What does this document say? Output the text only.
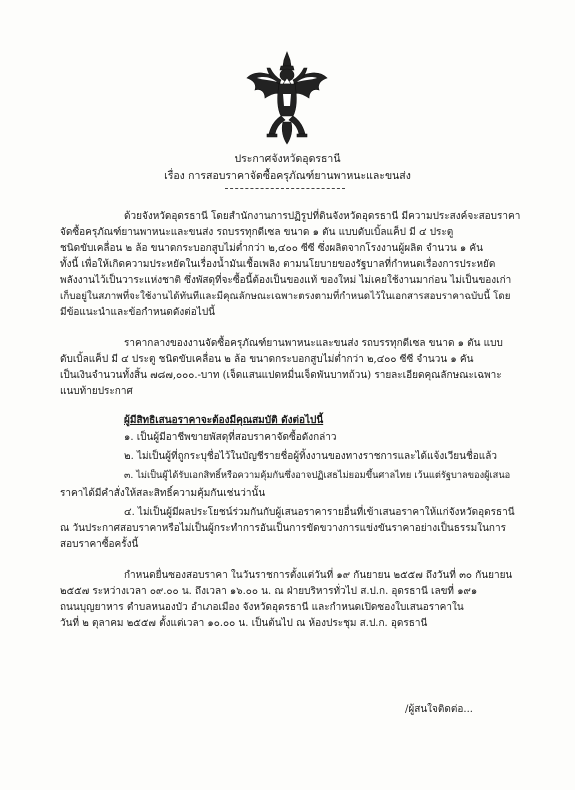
ประกาศจังหวัดอุดรธานี
เรื่อง การสอบราคาจัดซื้อครุภัณฑ์ยานพาหนะและขนส่ง
ด้วยจังหวัดอุดรธานี โดยสำนักงานการปฏิรูปที่ดินจังหวัดอุดรธานี มีความประสงค์จะสอบราคา
จัดซื้อครุภัณฑ์ยานพาหนะและขนส่ง รถบรรทุกดีเซล ขนาด ๑ ตัน แบบดับเบิ้ลแค็ป มี ๔ ประตู
ชนิดขับเคลื่อน ๒ ล้อ ขนาดกระบอกสูบไม่ต่ำกว่า ๒,๔๐๐ ซีซี ซึ่งผลิตจากโรงงานผู้ผลิต จำนวน ๑ คัน
ทั้งนี้ เพื่อให้เกิดความประหยัดในเรื่องน้ำมันเชื้อเพลิง ตามนโยบายของรัฐบาลที่กำหนดเรื่องการประหยัด
พลังงานไว้เป็นวาระแห่งชาติ ซึ่งพัสดุที่จะซื้อนี้ต้องเป็นของแท้ ของใหม่ ไม่เคยใช้งานมาก่อน ไม่เป็นของเก่า
เก็บอยู่ในสภาพที่จะใช้งานได้ทันทีและมีคุณลักษณะเฉพาะตรงตามที่กำหนดไว้ในเอกสารสอบราคาฉบับนี้ โดย
มีข้อแนะนำและข้อกำหนดดังต่อไปนี้
ราคากลางของงานจัดซื้อครุภัณฑ์ยานพาหนะและขนส่ง รถบรรทุกดีเซล ขนาด ๑ ตัน แบบ
ดับเบิ้ลแค็ป มี ๔ ประตู ชนิดขับเคลื่อน ๒ ล้อ ขนาดกระบอกสูบไม่ต่ำกว่า ๒,๔๐๐ ซีซี จำนวน ๑ คัน
เป็นเงินจำนวนทั้งสิ้น ๗๘๗,๐๐๐.-บาท (เจ็ดแสนแปดหมื่นเจ็ดพันบาทถ้วน) รายละเอียดคุณลักษณะเฉพาะ
แนบท้ายประกาศ
ผู้มีสิทธิเสนอราคาจะต้องมีคุณสมบัติ ดังต่อไปนี้
๑. เป็นผู้มีอาชีพขายพัสดุที่สอบราคาจัดซื้อดังกล่าว
๒. ไม่เป็นผู้ที่ถูกระบุชื่อไว้ในบัญชีรายชื่อผู้ทิ้งงานของทางราชการและได้แจ้งเวียนชื่อแล้ว
๓. ไม่เป็นผู้ได้รับเอกสิทธิ์หรือความคุ้มกันซึ่งอาจปฏิเสธไม่ยอมขึ้นศาลไทย เว้นแต่รัฐบาลของผู้เสนอ
ราคาได้มีคำสั่งให้สละสิทธิ์ความคุ้มกันเช่นว่านั้น
๔. ไม่เป็นผู้มีผลประโยชน์ร่วมกันกับผู้เสนอราคารายอื่นที่เข้าเสนอราคาให้แก่จังหวัดอุดรธานี
ณ วันประกาศสอบราคาหรือไม่เป็นผู้กระทำการอันเป็นการขัดขวางการแข่งขันราคาอย่างเป็นธรรมในการ
สอบราคาซื้อครั้งนี้
กำหนดยื่นซองสอบราคา ในวันราชการตั้งแต่วันที่ ๑๙ กันยายน ๒๕๕๗ ถึงวันที่ ๓๐ กันยายน
๒๕๕๗ ระหว่างเวลา ๐๙.๐๐ น. ถึงเวลา ๑๖.๐๐ น. ณ ฝ่ายบริหารทั่วไป ส.ป.ก. อุดรธานี เลขที่ ๑๙๑
ถนนบุญยาหาร ตำบลหนองบัว อำเภอเมือง จังหวัดอุดรธานี และกำหนดเปิดซองใบเสนอราคาใน
วันที่ ๒ ตุลาคม ๒๕๕๗ ตั้งแต่เวลา ๑๐.๐๐ น. เป็นต้นไป ณ ห้องประชุม ส.ป.ก. อุดรธานี
/ผู้สนใจติดต่อ...
